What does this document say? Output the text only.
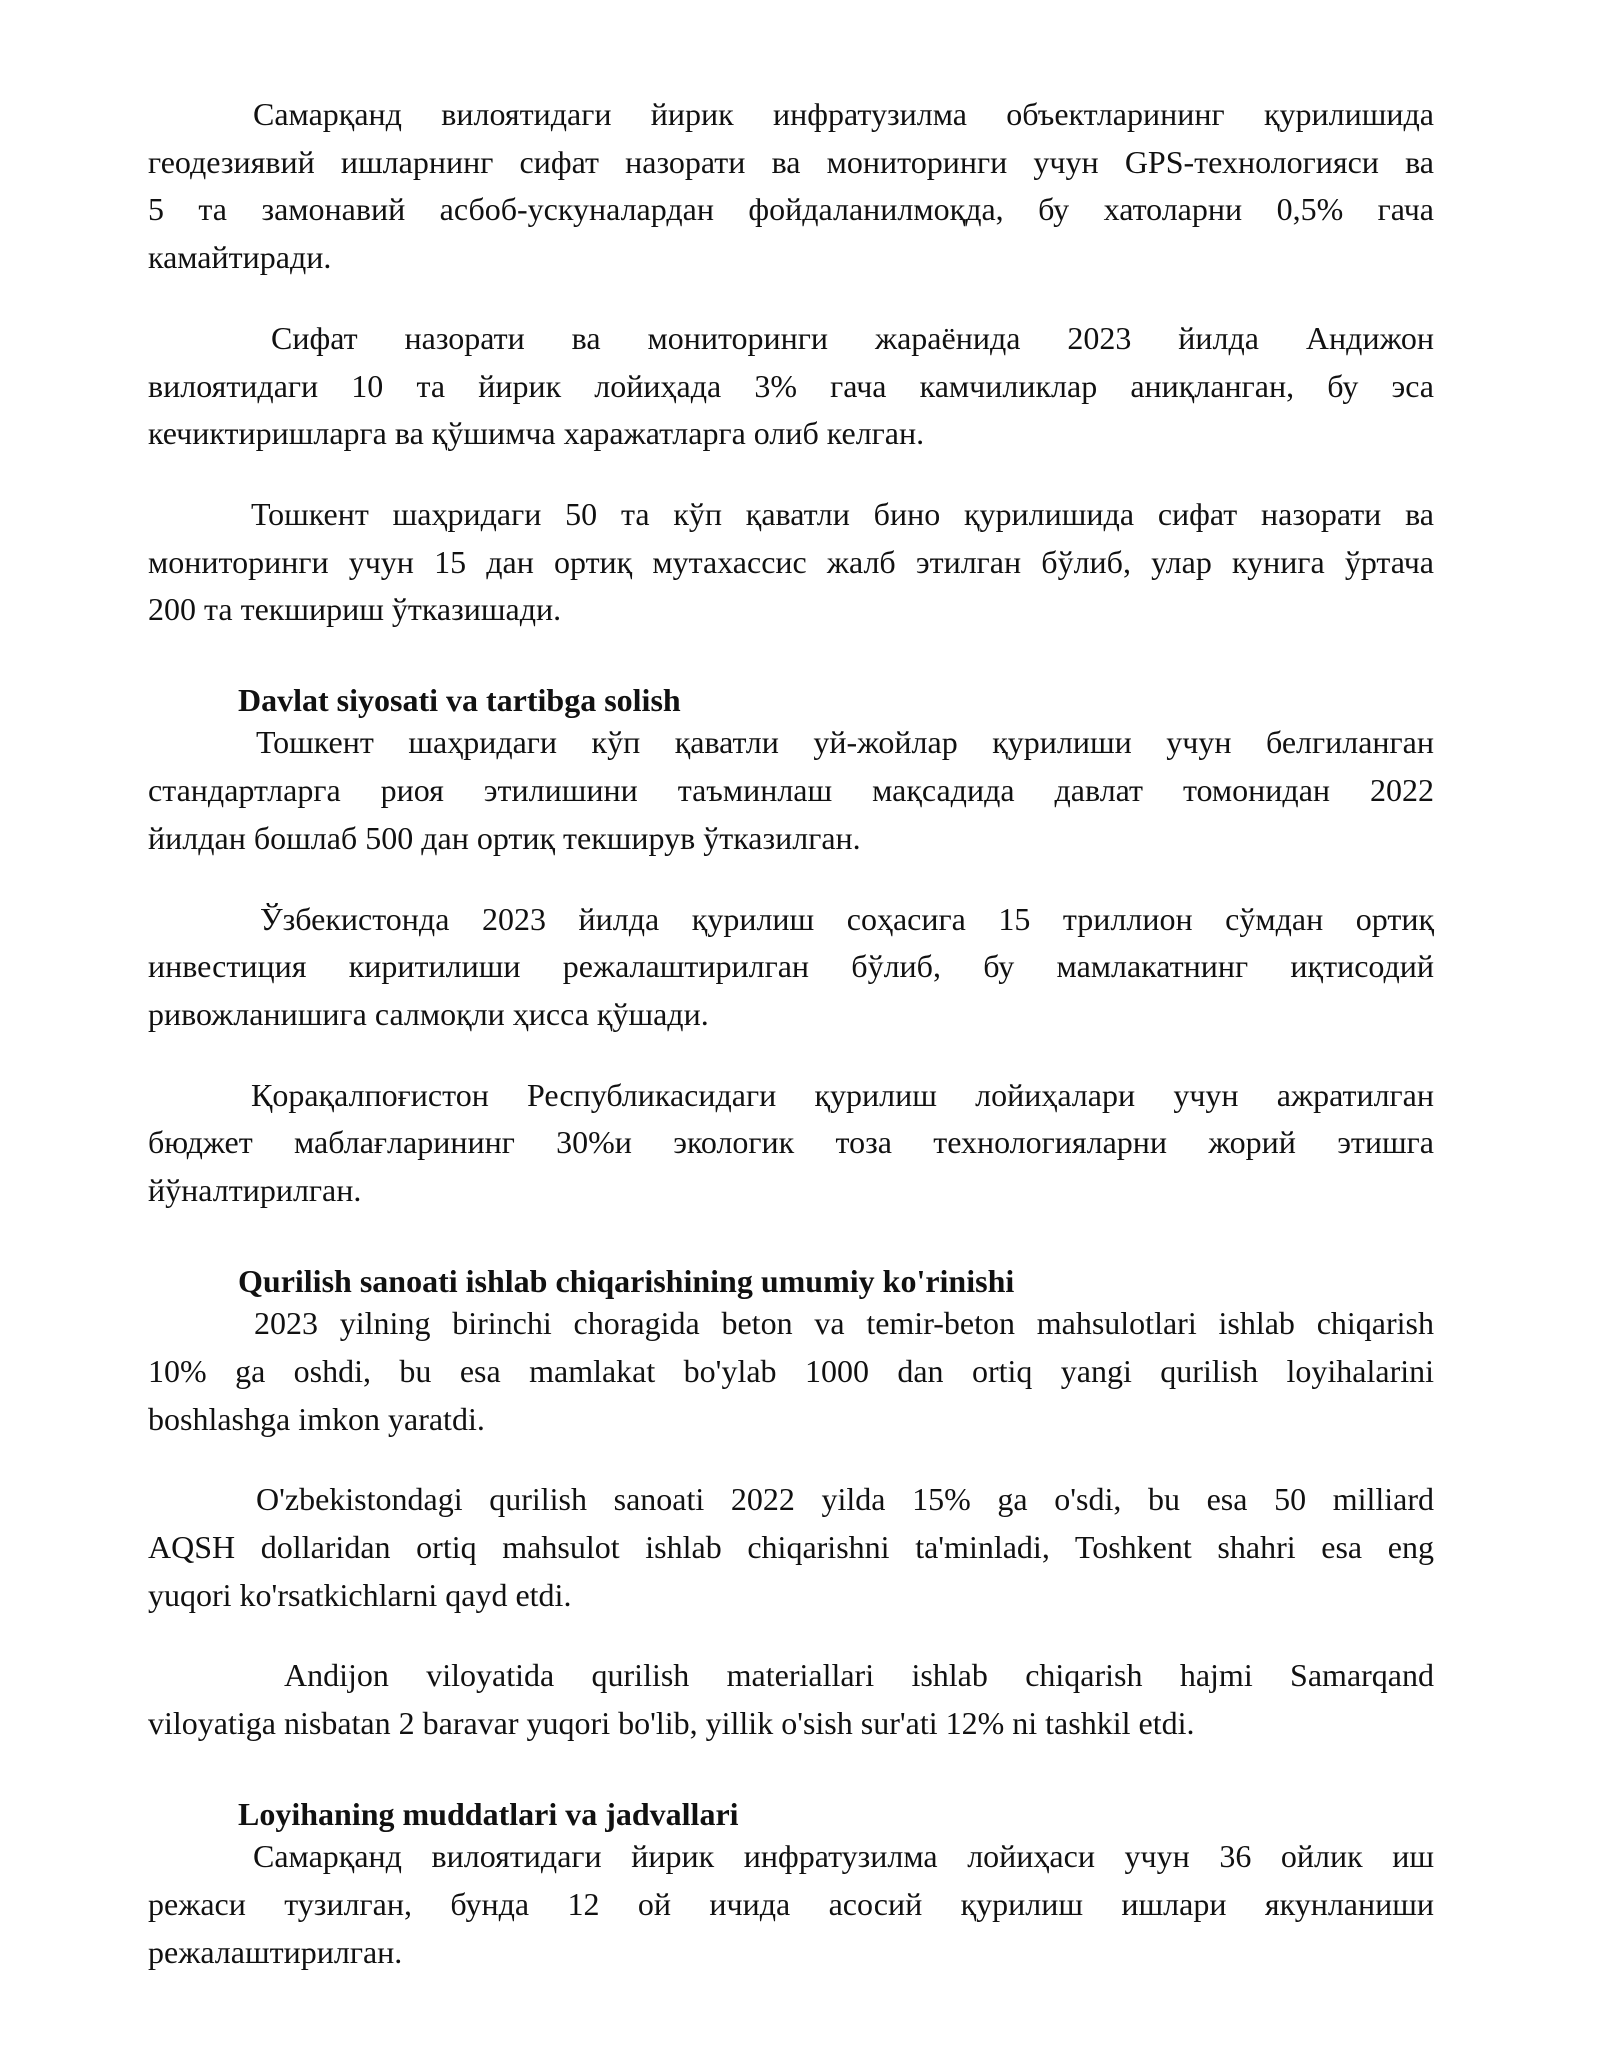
Самарқанд вилоятидаги йирик инфратузилма объектларининг қурилишида
геодезиявий ишларнинг сифат назорати ва мониторинги учун GPS-технологияси ва
5 та замонавий асбоб-ускуналардан фойдаланилмоқда, бу хатоларни 0,5% гача
камайтиради.
Сифат назорати ва мониторинги жараёнида 2023 йилда Андижон
вилоятидаги 10 та йирик лойиҳада 3% гача камчиликлар аниқланган, бу эса
кечиктиришларга ва қўшимча харажатларга олиб келган.
Тошкент шаҳридаги 50 та кўп қаватли бино қурилишида сифат назорати ва
мониторинги учун 15 дан ортиқ мутахассис жалб этилган бўлиб, улар кунига ўртача
200 та текшириш ўтказишади.
Davlat siyosati va tartibga solish
Тошкент шаҳридаги кўп қаватли уй-жойлар қурилиши учун белгиланган
стандартларга риоя этилишини таъминлаш мақсадида давлат томонидан 2022
йилдан бошлаб 500 дан ортиқ текширув ўтказилган.
Ўзбекистонда 2023 йилда қурилиш соҳасига 15 триллион сўмдан ортиқ
инвестиция киритилиши режалаштирилган бўлиб, бу мамлакатнинг иқтисодий
ривожланишига салмоқли ҳисса қўшади.
Қорақалпоғистон Республикасидаги қурилиш лойиҳалари учун ажратилган
бюджет маблағларининг 30%и экологик тоза технологияларни жорий этишга
йўналтирилган.
Qurilish sanoati ishlab chiqarishining umumiy ko'rinishi
2023 yilning birinchi choragida beton va temir-beton mahsulotlari ishlab chiqarish
10% ga oshdi, bu esa mamlakat bo'ylab 1000 dan ortiq yangi qurilish loyihalarini
boshlashga imkon yaratdi.
O'zbekistondagi qurilish sanoati 2022 yilda 15% ga o'sdi, bu esa 50 milliard
AQSH dollaridan ortiq mahsulot ishlab chiqarishni ta'minladi, Toshkent shahri esa eng
yuqori ko'rsatkichlarni qayd etdi.
Andijon viloyatida qurilish materiallari ishlab chiqarish hajmi Samarqand
viloyatiga nisbatan 2 baravar yuqori bo'lib, yillik o'sish sur'ati 12% ni tashkil etdi.
Loyihaning muddatlari va jadvallari
Самарқанд вилоятидаги йирик инфратузилма лойиҳаси учун 36 ойлик иш
режаси тузилган, бунда 12 ой ичида асосий қурилиш ишлари якунланиши
режалаштирилган.
